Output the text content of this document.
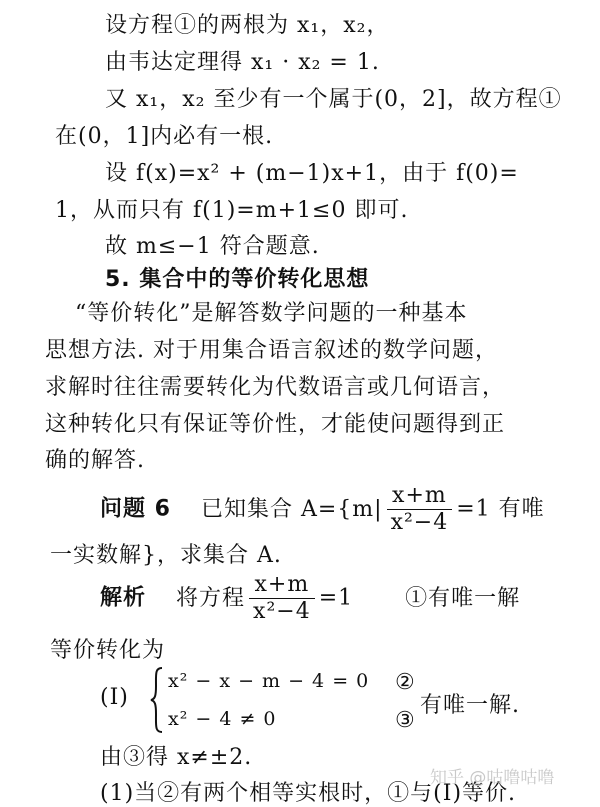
设方程①的两根为 x₁，x₂，
由韦达定理得 x₁ · x₂ = 1.
又 x₁，x₂ 至少有一个属于(0，2]，故方程①
在(0，1]内必有一根.
设 f(x)=x² + (m−1)x+1，由于 f(0)=
1，从而只有 f(1)=m+1≤0 即可.
故 m≤−1 符合题意.
5. 集合中的等价转化思想
“等价转化”是解答数学问题的一种基本
思想方法. 对于用集合语言叙述的数学问题，
求解时往往需要转化为代数语言或几何语言，
这种转化只有保证等价性，才能使问题得到正
确的解答.
问题 6 已知集合 $A=\{m| \frac{x+m}{\text{x²−4}} =1$ 有唯
一实数解}，求集合 A.
解析 将方程 $\frac{x+m}{\text{x²−4}} =1$ ①有唯一解
等价转化为
(Ⅰ)
x² − x − m − 4 = 0
x² − 4 ≠ 0
②
③
有唯一解.
由③得 x≠±2.
(1)当②有两个相等实根时，①与(Ⅰ)等价.
知乎 @咕噜咕噜
